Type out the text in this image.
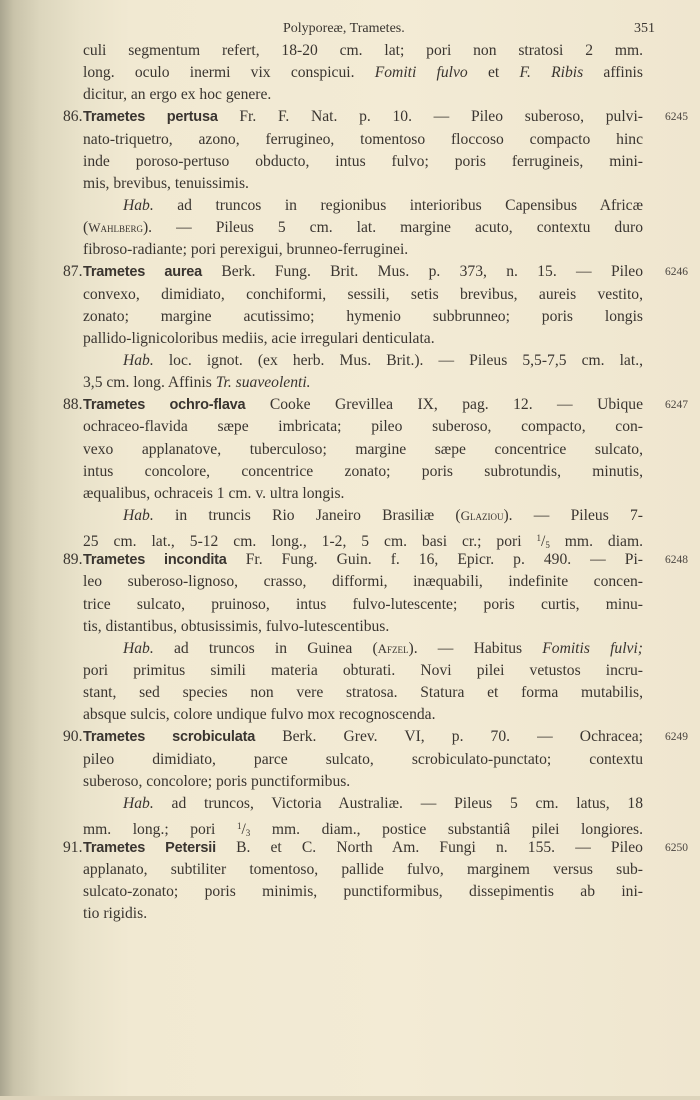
Polyporeæ, Trametes.	351
culi segmentum refert, 18-20 cm. lat; pori non stratosi 2 mm.
long. oculo inermi vix conspicui. Fomiti fulvo et F. Ribis affinis
dicitur, an ergo ex hoc genere.
86. Trametes pertusa Fr. F. Nat. p. 10. — Pileo suberoso, pulvi- 6245
nato-triquetro, azono, ferrugineo, tomentoso floccoso compacto hinc
inde poroso-pertuso obducto, intus fulvo; poris ferrugineis, mini-
mis, brevibus, tenuissimis.
Hab. ad truncos in regionibus interioribus Capensibus Africæ
(Wahlberg). — Pileus 5 cm. lat. margine acuto, contextu duro
fibroso-radiante; pori perexigui, brunneo-ferruginei.
87. Trametes aurea Berk. Fung. Brit. Mus. p. 373, n. 15. — Pileo 6246
convexo, dimidiato, conchiformi, sessili, setis brevibus, aureis vestito,
zonato; margine acutissimo; hymenio subbrunneo; poris longis
pallido-lignicoloribus mediis, acie irregulari denticulata.
Hab. loc. ignot. (ex herb. Mus. Brit.). — Pileus 5,5-7,5 cm. lat.,
3,5 cm. long. Affinis Tr. suaveolenti.
88. Trametes ochro-flava Cooke Grevillea IX, pag. 12. — Ubique 6247
ochraceo-flavida sæpe imbricata; pileo suberoso, compacto, con-
vexo applanatove, tuberculoso; margine sæpe concentrice sulcato,
intus concolore, concentrice zonato; poris subrotundis, minutis,
æqualibus, ochraceis 1 cm. v. ultra longis.
Hab. in truncis Rio Janeiro Brasiliæ (Glaziou). — Pileus 7-
25 cm. lat., 5-12 cm. long., 1-2, 5 cm. basi cr.; pori $^1/_5$ mm. diam.
89. Trametes incondita Fr. Fung. Guin. f. 16, Epicr. p. 490. — Pi- 6248
leo suberoso-lignoso, crasso, difformi, inæquabili, indefinite concen-
trice sulcato, pruinoso, intus fulvo-lutescente; poris curtis, minu-
tis, distantibus, obtusissimis, fulvo-lutescentibus.
Hab. ad truncos in Guinea (Afzel). — Habitus Fomitis fulvi;
pori primitus simili materia obturati. Novi pilei vetustos incru-
stant, sed species non vere stratosa. Statura et forma mutabilis,
absque sulcis, colore undique fulvo mox recognoscenda.
90. Trametes scrobiculata Berk. Grev. VI, p. 70. — Ochracea; 6249
pileo dimidiato, parce sulcato, scrobiculato-punctato; contextu
suberoso, concolore; poris punctiformibus.
Hab. ad truncos, Victoria Australiæ. — Pileus 5 cm. latus, 18
mm. long.; pori $^1/_3$ mm. diam., postice substantiâ pilei longiores.
91. Trametes Petersii B. et C. North Am. Fungi n. 155. — Pileo 6250
applanato, subtiliter tomentoso, pallide fulvo, marginem versus sub-
sulcato-zonato; poris minimis, punctiformibus, dissepimentis ab ini-
tio rigidis.
